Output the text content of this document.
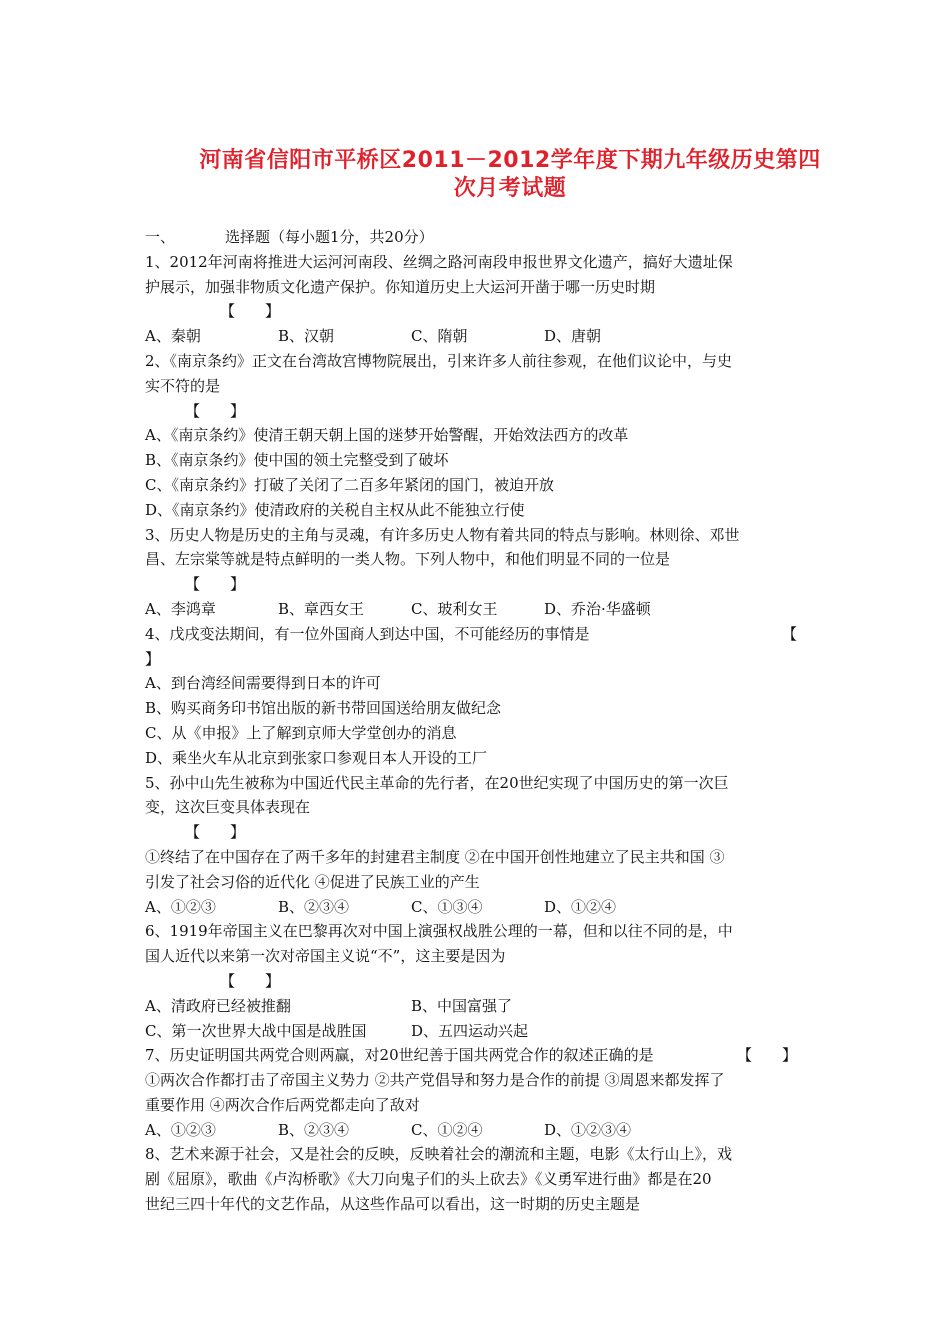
河南省信阳市平桥区2011－2012学年度下期九年级历史第四
次月考试题
一、	选择题（每小题1分，共20分）
1、2012年河南将推进大运河河南段、丝绸之路河南段申报世界文化遗产，搞好大遗址保
护展示，加强非物质文化遗产保护。你知道历史上大运河开凿于哪一历史时期
【　　】
A、秦朝	B、汉朝	C、隋朝	D、唐朝
2、《南京条约》正文在台湾故宫博物院展出，引来许多人前往参观，在他们议论中，与史
实不符的是
【　　】
A、《南京条约》使清王朝天朝上国的迷梦开始警醒，开始效法西方的改革
B、《南京条约》使中国的领土完整受到了破坏
C、《南京条约》打破了关闭了二百多年紧闭的国门，被迫开放
D、《南京条约》使清政府的关税自主权从此不能独立行使
3、历史人物是历史的主角与灵魂，有许多历史人物有着共同的特点与影响。林则徐、邓世
昌、左宗棠等就是特点鲜明的一类人物。下列人物中，和他们明显不同的一位是
【　　】
A、李鸿章	B、章西女王	C、玻利女王	D、乔治·华盛顿
4、戊戌变法期间，有一位外国商人到达中国，不可能经历的事情是	【
】
A、到台湾经间需要得到日本的许可
B、购买商务印书馆出版的新书带回国送给朋友做纪念
C、从《申报》上了解到京师大学堂创办的消息
D、乘坐火车从北京到张家口参观日本人开设的工厂
5、孙中山先生被称为中国近代民主革命的先行者，在20世纪实现了中国历史的第一次巨
变，这次巨变具体表现在
【　　】
①终结了在中国存在了两千多年的封建君主制度 ②在中国开创性地建立了民主共和国 ③
引发了社会习俗的近代化 ④促进了民族工业的产生
A、①②③	B、②③④	C、①③④	D、①②④
6、1919年帝国主义在巴黎再次对中国上演强权战胜公理的一幕，但和以往不同的是，中
国人近代以来第一次对帝国主义说“不”，这主要是因为
【　　】
A、清政府已经被推翻	B、中国富强了
C、第一次世界大战中国是战胜国	D、五四运动兴起
7、历史证明国共两党合则两赢，对20世纪善于国共两党合作的叙述正确的是	【　　】
①两次合作都打击了帝国主义势力 ②共产党倡导和努力是合作的前提 ③周恩来都发挥了
重要作用 ④两次合作后两党都走向了敌对
A、①②③	B、②③④	C、①②④	D、①②③④
8、艺术来源于社会，又是社会的反映，反映着社会的潮流和主题，电影《太行山上》，戏
剧《屈原》，歌曲《卢沟桥歌》《大刀向鬼子们的头上砍去》《义勇军进行曲》都是在20
世纪三四十年代的文艺作品，从这些作品可以看出，这一时期的历史主题是
